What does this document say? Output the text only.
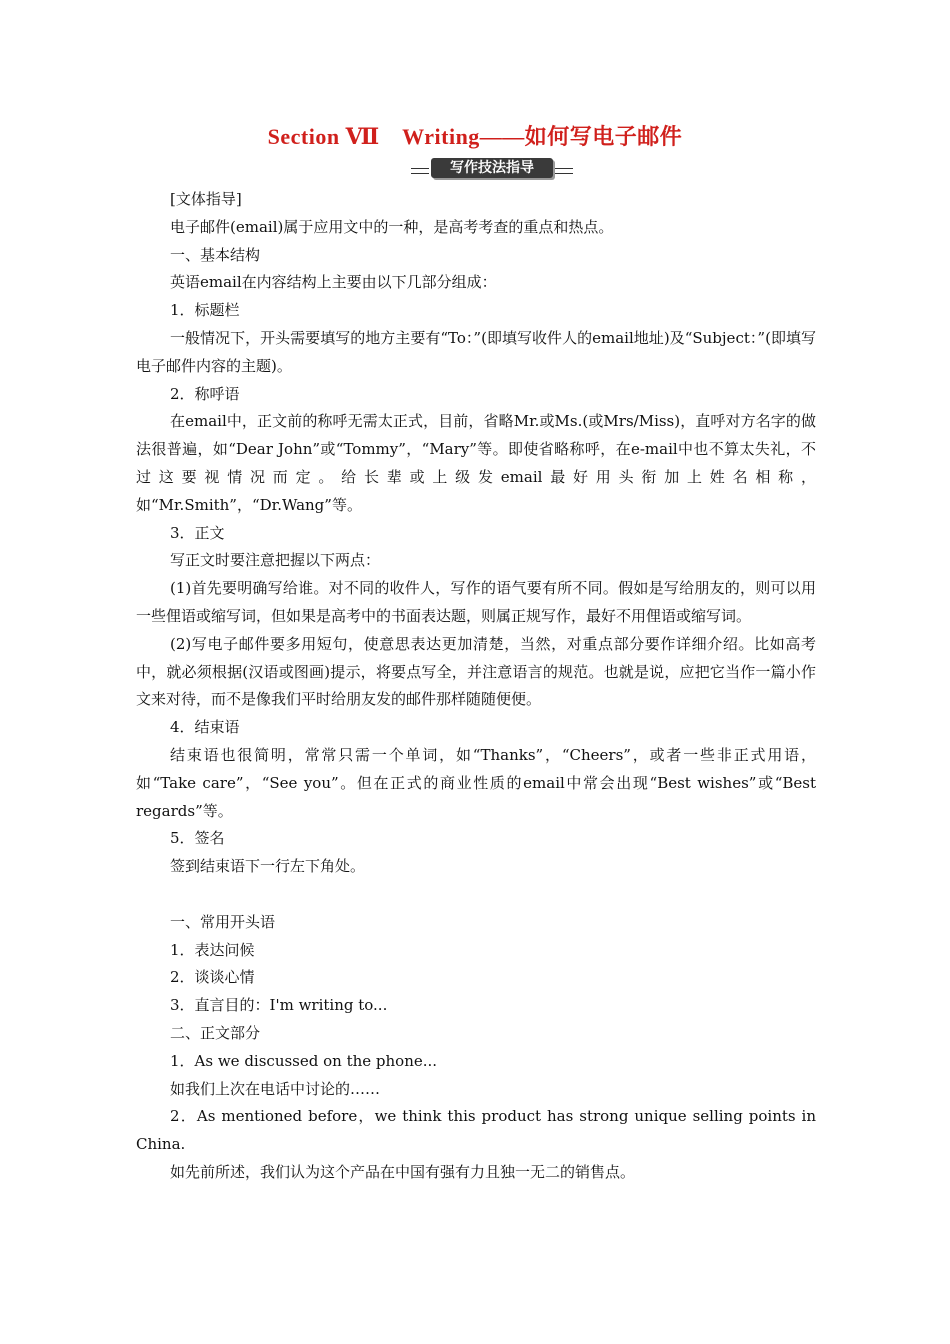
Section Ⅶ　Writing——如何写电子邮件
写作技法指导

[文体指导]

电子邮件(email)属于应用文中的一种，是高考考查的重点和热点。

一、基本结构

英语email在内容结构上主要由以下几部分组成：

1．标题栏

一般情况下，开头需要填写的地方主要有“To：”(即填写收件人的email地址)及“Subject：”(即填写电子邮件内容的主题)。

2．称呼语

在email中，正文前的称呼无需太正式，目前，省略Mr.或Ms.(或Mrs/Miss)，直呼对方名字的做法很普遍，如“Dear John”或“Tommy”，“Mary”等。即使省略称呼，在e-mail中也不算太失礼，不过这要视情况而定。给长辈或上级发email最好用头衔加上姓名相称，如“Mr.Smith”，“Dr.Wang”等。

3．正文

写正文时要注意把握以下两点：

(1)首先要明确写给谁。对不同的收件人，写作的语气要有所不同。假如是写给朋友的，则可以用一些俚语或缩写词，但如果是高考中的书面表达题，则属正规写作，最好不用俚语或缩写词。

(2)写电子邮件要多用短句，使意思表达更加清楚，当然，对重点部分要作详细介绍。比如高考中，就必须根据(汉语或图画)提示，将要点写全，并注意语言的规范。也就是说，应把它当作一篇小作文来对待，而不是像我们平时给朋友发的邮件那样随随便便。

4．结束语

结束语也很简明，常常只需一个单词，如“Thanks”，“Cheers”，或者一些非正式用语，如“Take care”，“See you”。但在正式的商业性质的email中常会出现“Best wishes”或“Best regards”等。

5．签名

签到结束语下一行左下角处。

一、常用开头语

1．表达问候

2．谈谈心情

3．直言目的：I'm writing to...

二、正文部分

1．As we discussed on the phone...

如我们上次在电话中讨论的……

2．As mentioned before，we think this product has strong unique selling points in China.

如先前所述，我们认为这个产品在中国有强有力且独一无二的销售点。
